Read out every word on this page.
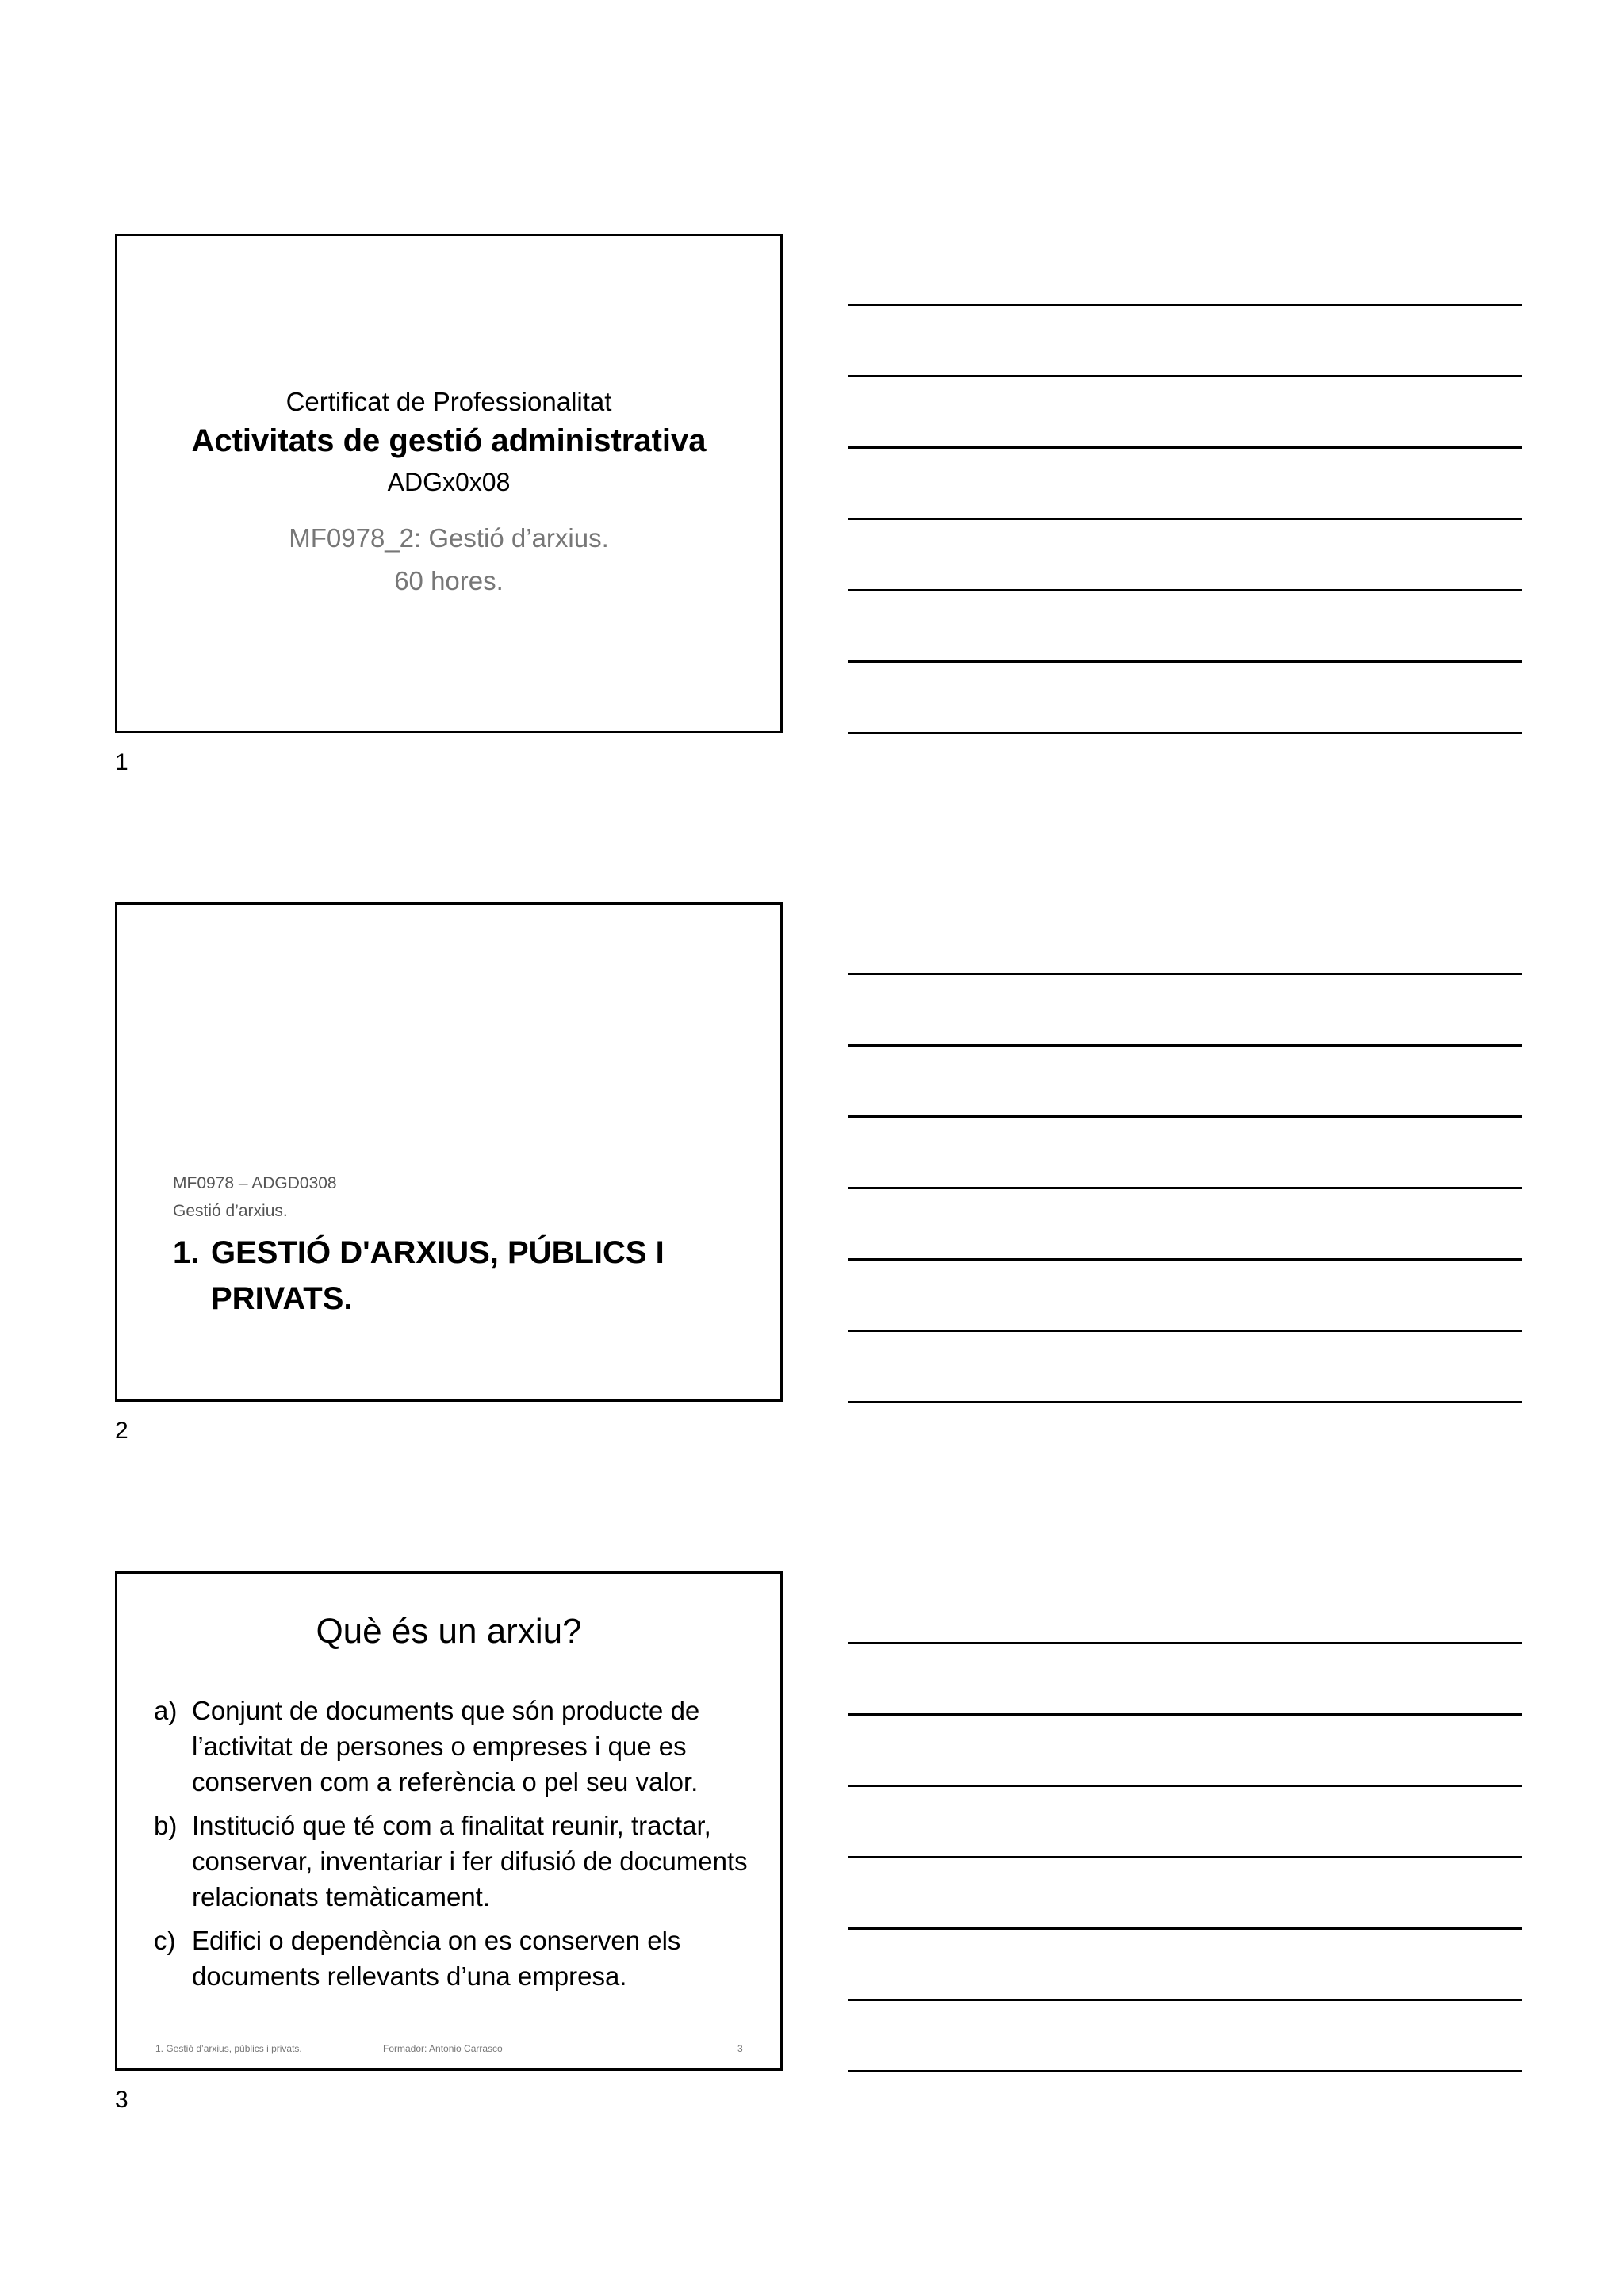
Certificat de Professionalitat
Activitats de gestió administrativa
ADGx0x08
MF0978_2: Gestió d’arxius.
60 hores.
1
MF0978 – ADGD0308
Gestió d’arxius.
1. GESTIÓ D'ARXIUS, PÚBLICS I
PRIVATS.
2
Què és un arxiu?
a) Conjunt de documents que són producte de l’activitat de persones o empreses i que es conserven com a referència o pel seu valor.
b) Institució que té com a finalitat reunir, tractar, conservar, inventariar i fer difusió de documents relacionats temàticament.
c) Edifici o dependència on es conserven els documents rellevants d’una empresa.
1. Gestió d’arxius, públics i privats.	Formador: Antonio Carrasco	3
3
